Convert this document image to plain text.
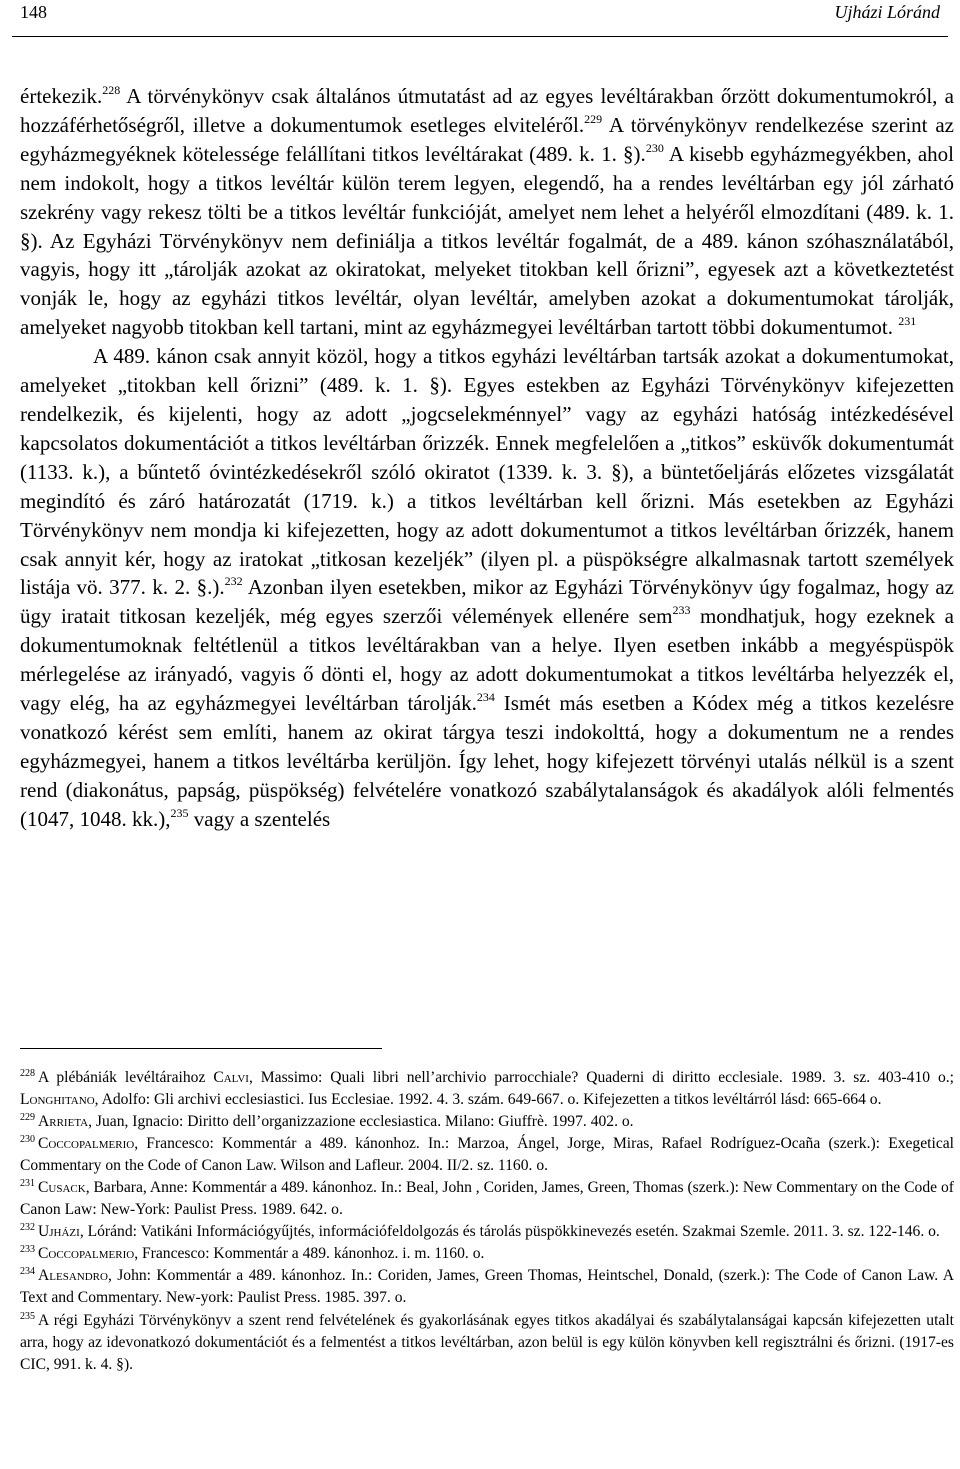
148	Ujházi Lóránd

értekezik.$^{228}$ A törvénykönyv csak általános útmutatást ad az egyes levéltárakban őrzött dokumentumokról, a hozzáférhetőségről, illetve a dokumentumok esetleges elviteléről.$^{229}$ A törvénykönyv rendelkezése szerint az egyházmegyéknek kötelessége felállítani titkos levéltárakat (489. k. 1. §).$^{230}$ A kisebb egyházmegyékben, ahol nem indokolt, hogy a titkos levéltár külön terem legyen, elegendő, ha a rendes levéltárban egy jól zárható szekrény vagy rekesz tölti be a titkos levéltár funkcióját, amelyet nem lehet a helyéről elmozdítani (489. k. 1. §). Az Egyházi Törvénykönyv nem definiálja a titkos levéltár fogalmát, de a 489. kánon szóhasználatából, vagyis, hogy itt „tárolják azokat az okiratokat, melyeket titokban kell őrizni”, egyesek azt a következtetést vonják le, hogy az egyházi titkos levéltár, olyan levéltár, amelyben azokat a dokumentumokat tárolják, amelyeket nagyobb titokban kell tartani, mint az egyházmegyei levéltárban tartott többi dokumentumot. $^{231}$

A 489. kánon csak annyit közöl, hogy a titkos egyházi levéltárban tartsák azokat a dokumentumokat, amelyeket „titokban kell őrizni” (489. k. 1. §). Egyes estekben az Egyházi Törvénykönyv kifejezetten rendelkezik, és kijelenti, hogy az adott „jogcselekménnyel” vagy az egyházi hatóság intézkedésével kapcsolatos dokumentációt a titkos levéltárban őrizzék. Ennek megfelelően a „titkos” esküvők dokumentumát (1133. k.), a bűntető óvintézkedésekről szóló okiratot (1339. k. 3. §), a büntetőeljárás előzetes vizsgálatát megindító és záró határozatát (1719. k.) a titkos levéltárban kell őrizni. Más esetekben az Egyházi Törvénykönyv nem mondja ki kifejezetten, hogy az adott dokumentumot a titkos levéltárban őrizzék, hanem csak annyit kér, hogy az iratokat „titkosan kezeljék” (ilyen pl. a püspökségre alkalmasnak tartott személyek listája vö. 377. k. 2. §.).$^{232}$ Azonban ilyen esetekben, mikor az Egyházi Törvénykönyv úgy fogalmaz, hogy az ügy iratait titkosan kezeljék, még egyes szerzői vélemények ellenére sem$^{233}$ mondhatjuk, hogy ezeknek a dokumentumoknak feltétlenül a titkos levéltárakban van a helye. Ilyen esetben inkább a megyéspüspök mérlegelése az irányadó, vagyis ő dönti el, hogy az adott dokumentumokat a titkos levéltárba helyezzék el, vagy elég, ha az egyházmegyei levéltárban tárolják.$^{234}$ Ismét más esetben a Kódex még a titkos kezelésre vonatkozó kérést sem említi, hanem az okirat tárgya teszi indokolttá, hogy a dokumentum ne a rendes egyházmegyei, hanem a titkos levéltárba kerüljön. Így lehet, hogy kifejezett törvényi utalás nélkül is a szent rend (diakonátus, papság, püspökség) felvételére vonatkozó szabálytalanságok és akadályok alóli felmentés (1047, 1048. kk.),$^{235}$ vagy a szentelés

$^{228}$ A plébániák levéltáraihoz Calvi, Massimo: Quali libri nell’archivio parrocchiale? Quaderni di diritto ecclesiale. 1989. 3. sz. 403-410 o.; Longhitano, Adolfo: Gli archivi ecclesiastici. Ius Ecclesiae. 1992. 4. 3. szám. 649-667. o. Kifejezetten a titkos levéltárról lásd: 665-664 o.

$^{229}$ Arrieta, Juan, Ignacio: Diritto dell’organizzazione ecclesiastica. Milano: Giuffrè. 1997. 402. o.

$^{230}$ Coccopalmerio, Francesco: Kommentár a 489. kánonhoz. In.: Marzoa, Ángel, Jorge, Miras, Rafael Rodríguez-Ocaña (szerk.): Exegetical Commentary on the Code of Canon Law. Wilson and Lafleur. 2004. II/2. sz. 1160. o.

$^{231}$ Cusack, Barbara, Anne: Kommentár a 489. kánonhoz. In.: Beal, John , Coriden, James, Green, Thomas (szerk.): New Commentary on the Code of Canon Law: New-York: Paulist Press. 1989. 642. o.

$^{232}$ Ujházi, Lóránd: Vatikáni Információgyűjtés, információfeldolgozás és tárolás püspökkinevezés esetén. Szakmai Szemle. 2011. 3. sz. 122-146. o.

$^{233}$ Coccopalmerio, Francesco: Kommentár a 489. kánonhoz. i. m. 1160. o.

$^{234}$ Alesandro, John: Kommentár a 489. kánonhoz. In.: Coriden, James, Green Thomas, Heintschel, Donald, (szerk.): The Code of Canon Law. A Text and Commentary. New-york: Paulist Press. 1985. 397. o.

$^{235}$ A régi Egyházi Törvénykönyv a szent rend felvételének és gyakorlásának egyes titkos akadályai és szabálytalanságai kapcsán kifejezetten utalt arra, hogy az idevonatkozó dokumentációt és a felmentést a titkos levéltárban, azon belül is egy külön könyvben kell regisztrálni és őrizni. (1917-es CIC, 991. k. 4. §).
